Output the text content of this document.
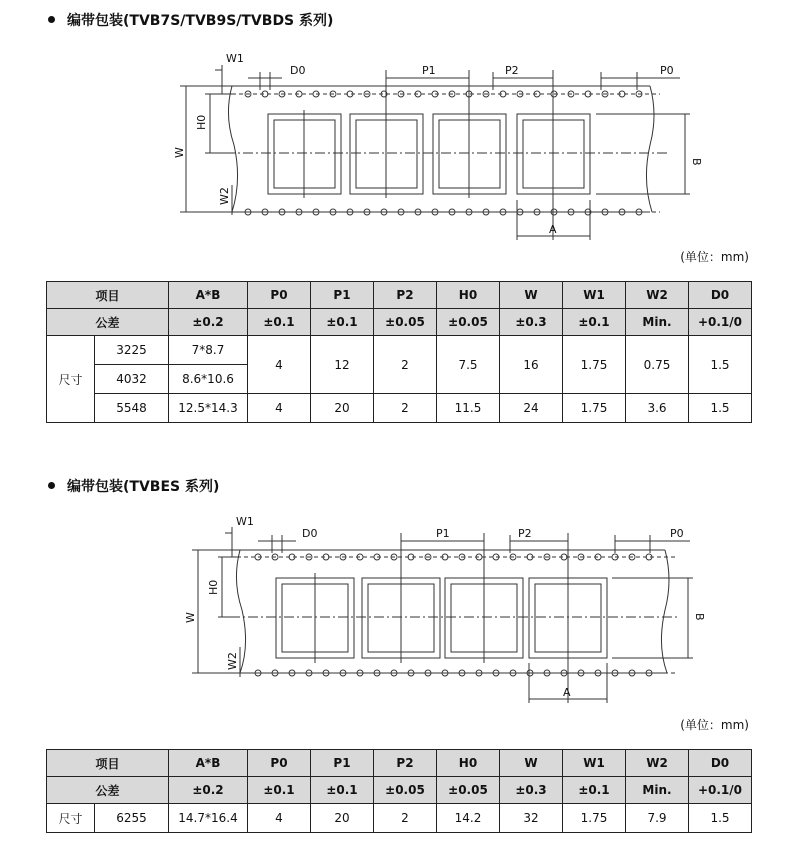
编带包装(TVB7S/TVB9S/TVBDS 系列)
W1
D0	P1	P2	P0
H0
W
W2
B
A
(单位：mm)
项目		A*B	P0	P1	P2	H0	W	W1	W2	D0
公差		±0.2	±0.1	±0.1	±0.05	±0.05	±0.3	±0.1	Min.	+0.1/0
尺寸	3225	7*8.7	4	12	2	7.5	16	1.75	0.75	1.5
	4032	8.6*10.6								
	5548	12.5*14.3	4	20	2	11.5	24	1.75	3.6	1.5
编带包装(TVBES 系列)
W1
D0	P1	P2	P0
H0
W
W2
B
A
(单位：mm)
项目		A*B	P0	P1	P2	H0	W	W1	W2	D0
公差		±0.2	±0.1	±0.1	±0.05	±0.05	±0.3	±0.1	Min.	+0.1/0
尺寸	6255	14.7*16.4	4	20	2	14.2	32	1.75	7.9	1.5
